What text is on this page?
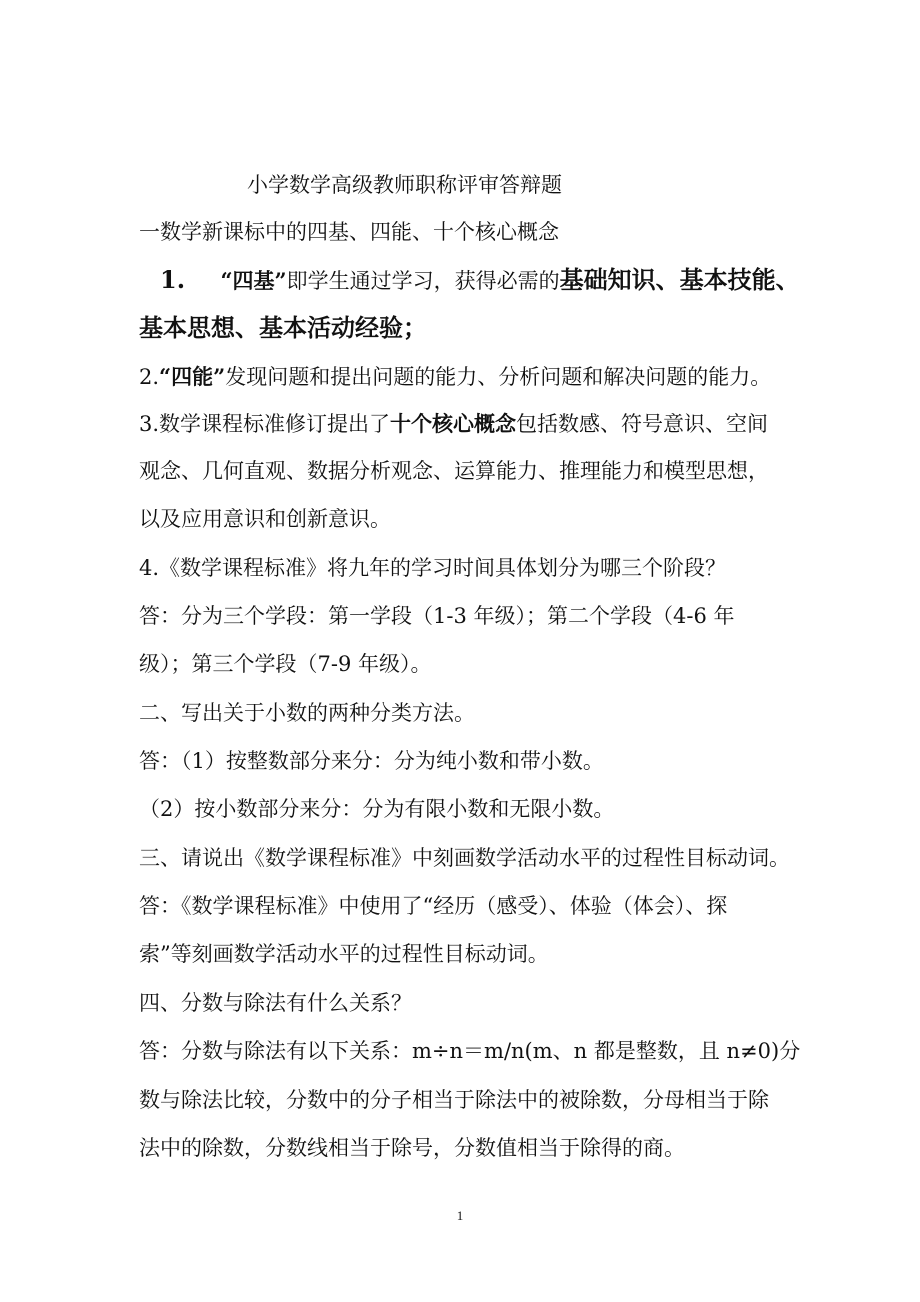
小学数学高级教师职称评审答辩题
一数学新课标中的四基、四能、十个核心概念
1. “四基”即学生通过学习，获得必需的基础知识、基本技能、
基本思想、基本活动经验；
2.“四能”发现问题和提出问题的能力、分析问题和解决问题的能力。
3.数学课程标准修订提出了十个核心概念包括数感、符号意识、空间
观念、几何直观、数据分析观念、运算能力、推理能力和模型思想，
以及应用意识和创新意识。
4.《数学课程标准》将九年的学习时间具体划分为哪三个阶段？
答：分为三个学段：第一学段（1-3 年级）；第二个学段（4-6 年
级）；第三个学段（7-9 年级）。
二、写出关于小数的两种分类方法。
答：（1）按整数部分来分：分为纯小数和带小数。
（2）按小数部分来分：分为有限小数和无限小数。
三、请说出《数学课程标准》中刻画数学活动水平的过程性目标动词。
答：《数学课程标准》中使用了“经历（感受）、体验（体会）、探
索”等刻画数学活动水平的过程性目标动词。
四、分数与除法有什么关系？
答：分数与除法有以下关系：m÷n＝m/n(m、n 都是整数，且 n≠0)分
数与除法比较，分数中的分子相当于除法中的被除数，分母相当于除
法中的除数，分数线相当于除号，分数值相当于除得的商。
1
